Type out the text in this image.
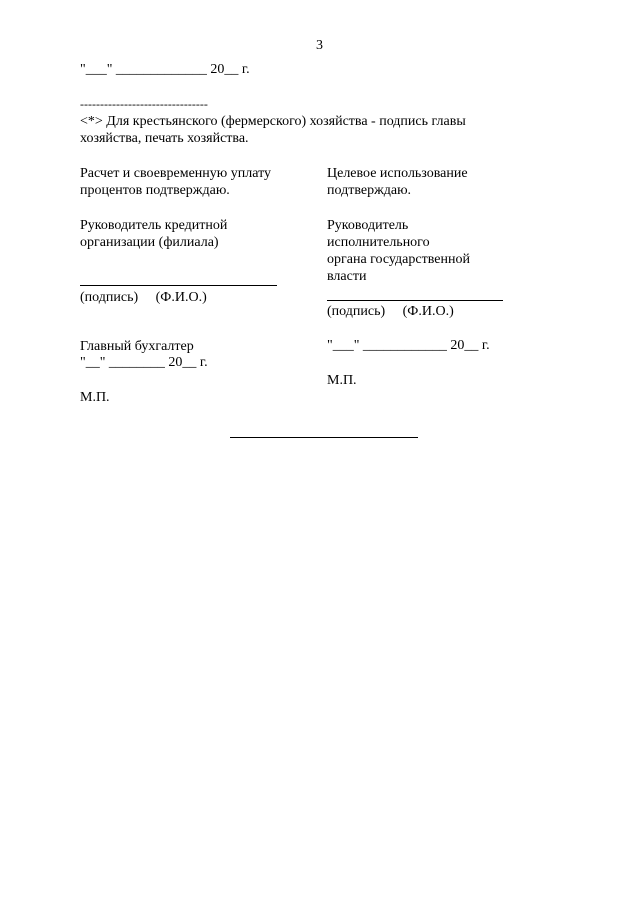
3
"___" _____________ 20__ г.
--------------------------------
<*> Для крестьянского (фермерского) хозяйства - подпись главы
хозяйства, печать хозяйства.
Расчет и своевременную уплату
процентов подтверждаю.
Руководитель кредитной
организации (филиала)
(подпись)     (Ф.И.О.)
Главный бухгалтер
"__" ________ 20__ г.
М.П.
Целевое использование
подтверждаю.
Руководитель
исполнительного
органа государственной
власти
(подпись)     (Ф.И.О.)
"___" ____________ 20__ г.
М.П.
